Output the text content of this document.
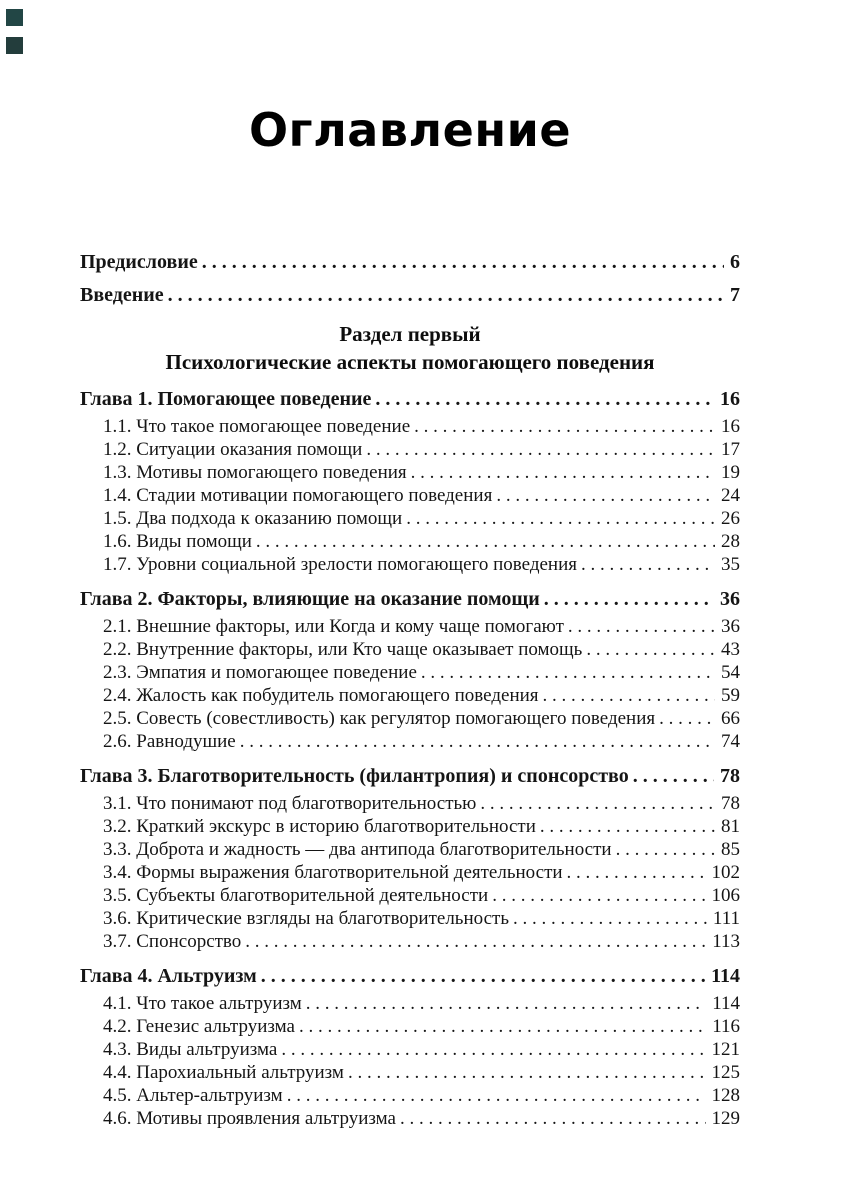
Оглавление
Предисловие . . .	6
Введение . . .	7
Раздел первый
Психологические аспекты помогающего поведения
Глава 1. Помогающее поведение . . .	16
1.1. Что такое помогающее поведение . . .	16
1.2. Ситуации оказания помощи . . .	17
1.3. Мотивы помогающего поведения . . .	19
1.4. Стадии мотивации помогающего поведения . . .	24
1.5. Два подхода к оказанию помощи . . .	26
1.6. Виды помощи . . .	28
1.7. Уровни социальной зрелости помогающего поведения . . .	35
Глава 2. Факторы, влияющие на оказание помощи . . .	36
2.1. Внешние факторы, или Когда и кому чаще помогают . . .	36
2.2. Внутренние факторы, или Кто чаще оказывает помощь . . .	43
2.3. Эмпатия и помогающее поведение . . .	54
2.4. Жалость как побудитель помогающего поведения . . .	59
2.5. Совесть (совестливость) как регулятор помогающего поведения . . .	66
2.6. Равнодушие . . .	74
Глава 3. Благотворительность (филантропия) и спонсорство . . .	78
3.1. Что понимают под благотворительностью . . .	78
3.2. Краткий экскурс в историю благотворительности . . .	81
3.3. Доброта и жадность — два антипода благотворительности . . .	85
3.4. Формы выражения благотворительной деятельности . . .	102
3.5. Субъекты благотворительной деятельности . . .	106
3.6. Критические взгляды на благотворительность . . .	111
3.7. Спонсорство . . .	113
Глава 4. Альтруизм . . .	114
4.1. Что такое альтруизм . . .	114
4.2. Генезис альтруизма . . .	116
4.3. Виды альтруизма . . .	121
4.4. Парохиальный альтруизм . . .	125
4.5. Альтер-альтруизм . . .	128
4.6. Мотивы проявления альтруизма . . .	129
